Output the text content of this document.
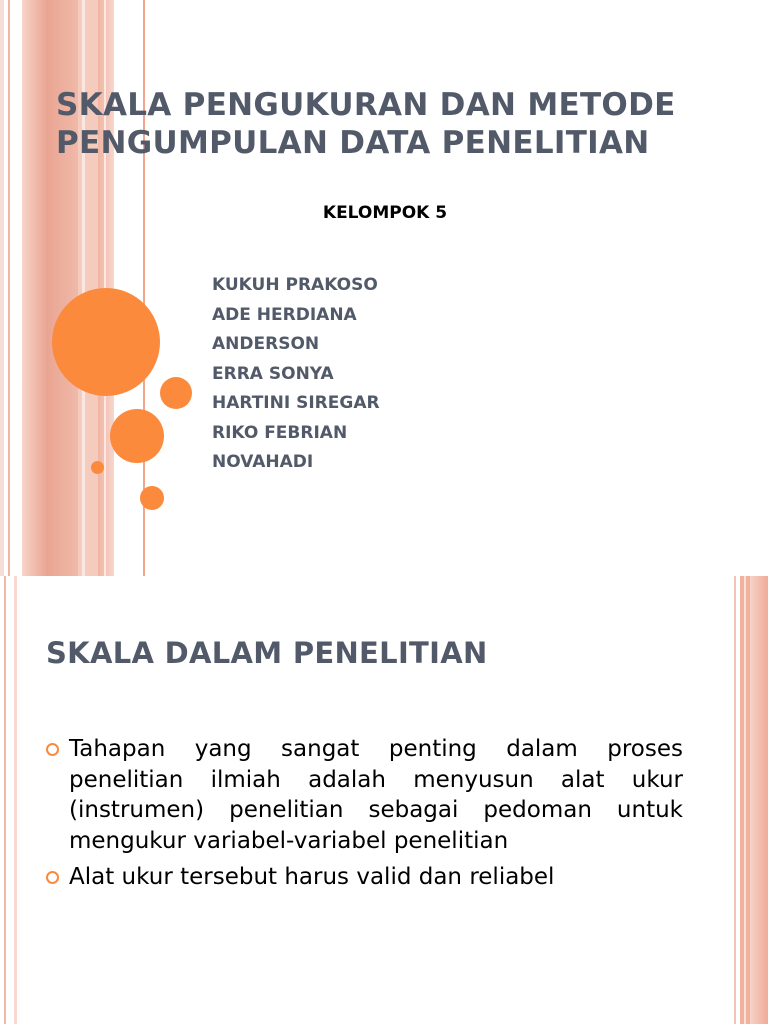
SKALA PENGUKURAN DAN METODE
PENGUMPULAN DATA PENELITIAN
KELOMPOK 5
KUKUH PRAKOSO
ADE HERDIANA
ANDERSON
ERRA SONYA
HARTINI SIREGAR
RIKO FEBRIAN
NOVAHADI
SKALA DALAM PENELITIAN
Tahapan yang sangat penting dalam proses penelitian ilmiah adalah menyusun alat ukur (instrumen) penelitian sebagai pedoman untuk mengukur variabel-variabel penelitian
Alat ukur tersebut harus valid dan reliabel
